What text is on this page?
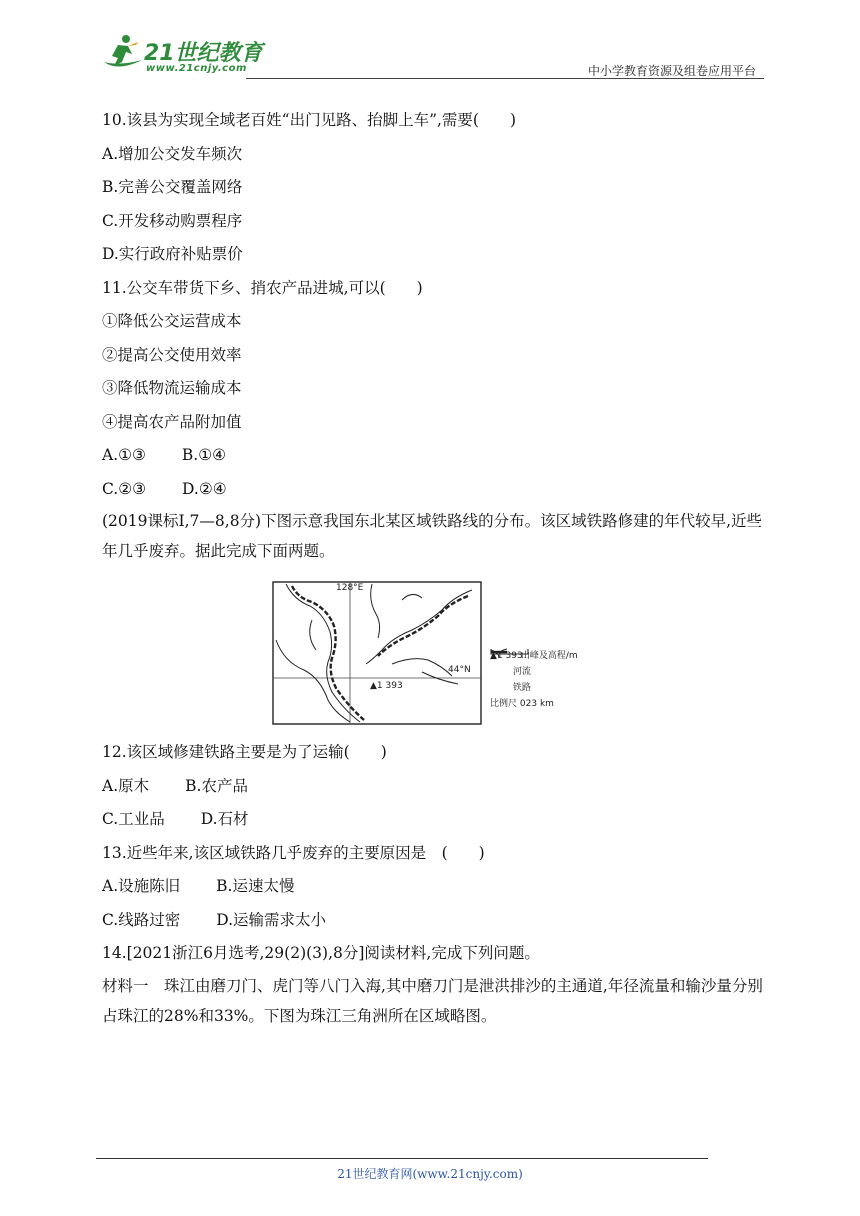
21世纪教育
www.21cnjy.com	中小学教育资源及组卷应用平台
10.该县为实现全域老百姓“出门见路、抬脚上车”,需要(　　)
A.增加公交发车频次
B.完善公交覆盖网络
C.开发移动购票程序
D.实行政府补贴票价
11.公交车带货下乡、捎农产品进城,可以(　　)
①降低公交运营成本
②提高公交使用效率
③降低物流运输成本
④提高农产品附加值
A.①③ B.①④
C.②③ D.②④
(2019课标Ⅰ,7—8,8分)下图示意我国东北某区域铁路线的分布。该区域铁路修建的年代较早,近些年几乎废弃。据此完成下面两题。
12.该区域修建铁路主要是为了运输(　　)
A.原木 B.农产品
C.工业品 D.石材
13.近些年来,该区域铁路几乎废弃的主要原因是　(　　)
A.设施陈旧 B.运速太慢
C.线路过密 D.运输需求太小
14.[2021浙江6月选考,29(2)(3),8分]阅读材料,完成下列问题。
材料一　珠江由磨刀门、虎门等八门入海,其中磨刀门是泄洪排沙的主通道,年径流量和输沙量分别占珠江的28%和33%。下图为珠江三角洲所在区域略图。
128°E
44°N
▲1 393
▲1 393 山峰及高程/m
河流
铁路
比例尺 0
23 km
21世纪教育网(www.21cnjy.com)
